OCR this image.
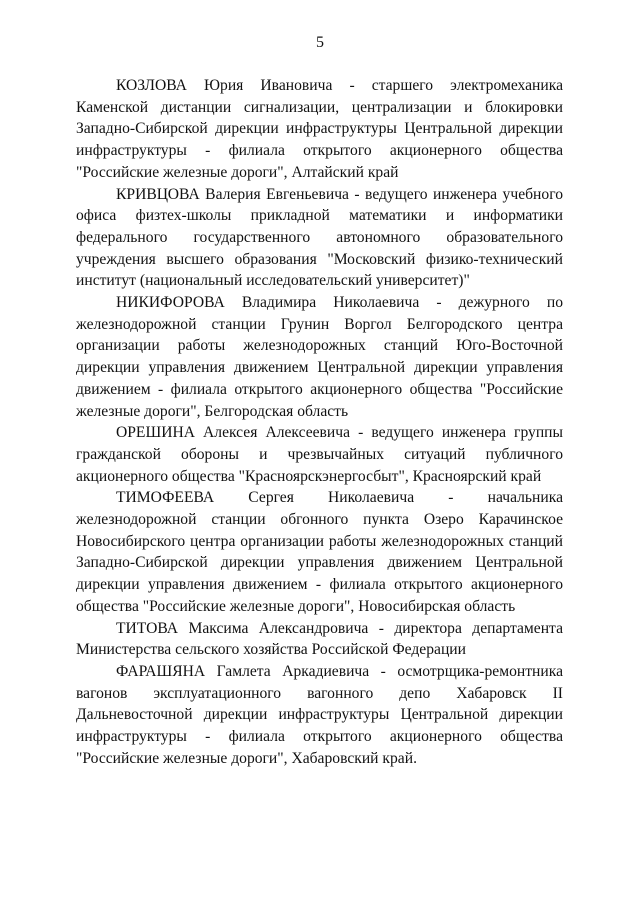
5

КОЗЛОВА Юрия Ивановича - старшего электромеханика Каменской дистанции сигнализации, централизации и блокировки Западно-Сибирской дирекции инфраструктуры Центральной дирекции инфраструктуры - филиала открытого акционерного общества "Российские железные дороги", Алтайский край

КРИВЦОВА Валерия Евгеньевича - ведущего инженера учебного офиса физтех-школы прикладной математики и информатики федерального государственного автономного образовательного учреждения высшего образования "Московский физико-технический институт (национальный исследовательский университет)"

НИКИФОРОВА Владимира Николаевича - дежурного по железнодорожной станции Грунин Воргол Белгородского центра организации работы железнодорожных станций Юго-Восточной дирекции управления движением Центральной дирекции управления движением - филиала открытого акционерного общества "Российские железные дороги", Белгородская область

ОРЕШИНА Алексея Алексеевича - ведущего инженера группы гражданской обороны и чрезвычайных ситуаций публичного акционерного общества "Красноярскэнергосбыт", Красноярский край

ТИМОФЕЕВА Сергея Николаевича - начальника железнодорожной станции обгонного пункта Озеро Карачинское Новосибирского центра организации работы железнодорожных станций Западно-Сибирской дирекции управления движением Центральной дирекции управления движением - филиала открытого акционерного общества "Российские железные дороги", Новосибирская область

ТИТОВА Максима Александровича - директора департамента Министерства сельского хозяйства Российской Федерации

ФАРАШЯНА Гамлета Аркадиевича - осмотрщика-ремонтника вагонов эксплуатационного вагонного депо Хабаровск II Дальневосточной дирекции инфраструктуры Центральной дирекции инфраструктуры - филиала открытого акционерного общества "Российские железные дороги", Хабаровский край.
